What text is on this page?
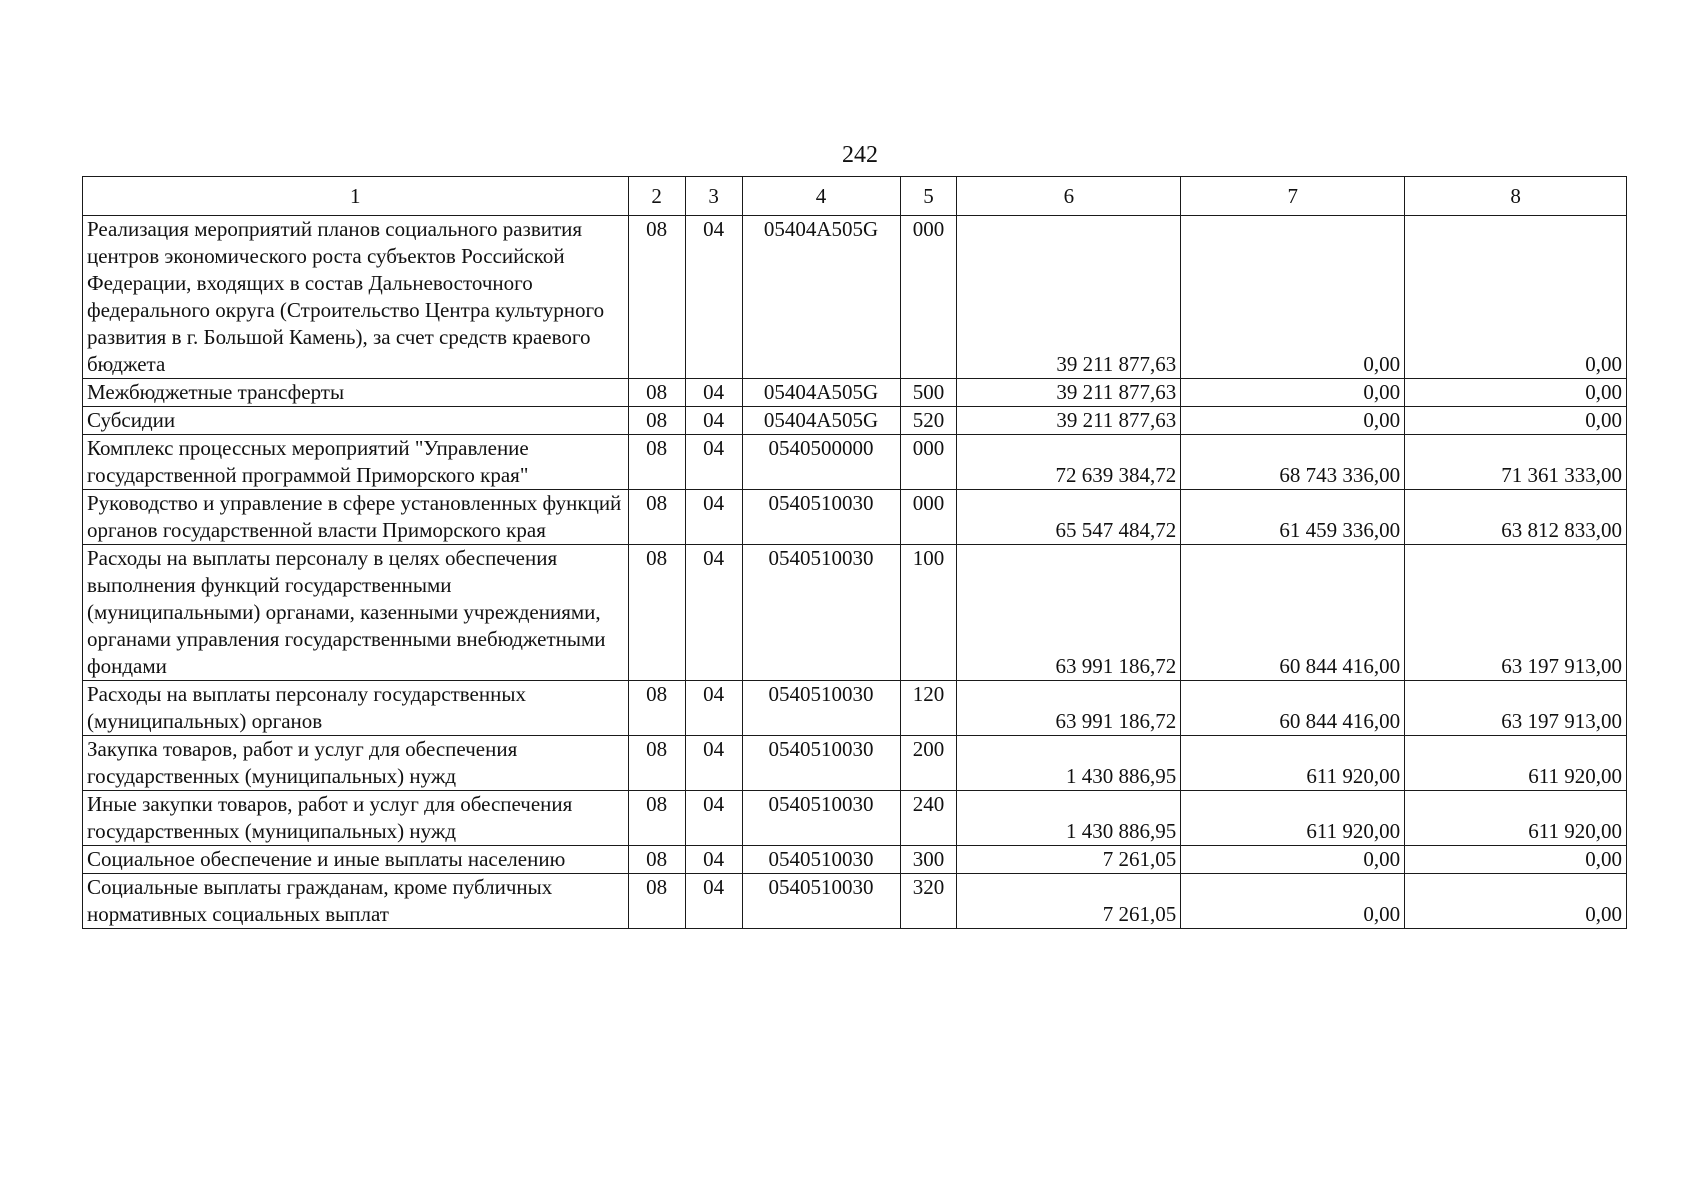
242
1	2	3	4	5	6	7	8
Реализация мероприятий планов социального развития центров экономического роста субъектов Российской Федерации, входящих в состав Дальневосточного федерального округа (Строительство Центра культурного развития в г. Большой Камень), за счет средств краевого бюджета	08	04	05404А505G	000	39 211 877,63	0,00	0,00
Межбюджетные трансферты	08	04	05404А505G	500	39 211 877,63	0,00	0,00
Субсидии	08	04	05404А505G	520	39 211 877,63	0,00	0,00
Комплекс процессных мероприятий "Управление государственной программой Приморского края"	08	04	0540500000	000	72 639 384,72	68 743 336,00	71 361 333,00
Руководство и управление в сфере установленных функций органов государственной власти Приморского края	08	04	0540510030	000	65 547 484,72	61 459 336,00	63 812 833,00
Расходы на выплаты персоналу в целях обеспечения выполнения функций государственными (муниципальными) органами, казенными учреждениями, органами управления государственными внебюджетными фондами	08	04	0540510030	100	63 991 186,72	60 844 416,00	63 197 913,00
Расходы на выплаты персоналу государственных (муниципальных) органов	08	04	0540510030	120	63 991 186,72	60 844 416,00	63 197 913,00
Закупка товаров, работ и услуг для обеспечения государственных (муниципальных) нужд	08	04	0540510030	200	1 430 886,95	611 920,00	611 920,00
Иные закупки товаров, работ и услуг для обеспечения государственных (муниципальных) нужд	08	04	0540510030	240	1 430 886,95	611 920,00	611 920,00
Социальное обеспечение и иные выплаты населению	08	04	0540510030	300	7 261,05	0,00	0,00
Социальные выплаты гражданам, кроме публичных нормативных социальных выплат	08	04	0540510030	320	7 261,05	0,00	0,00
